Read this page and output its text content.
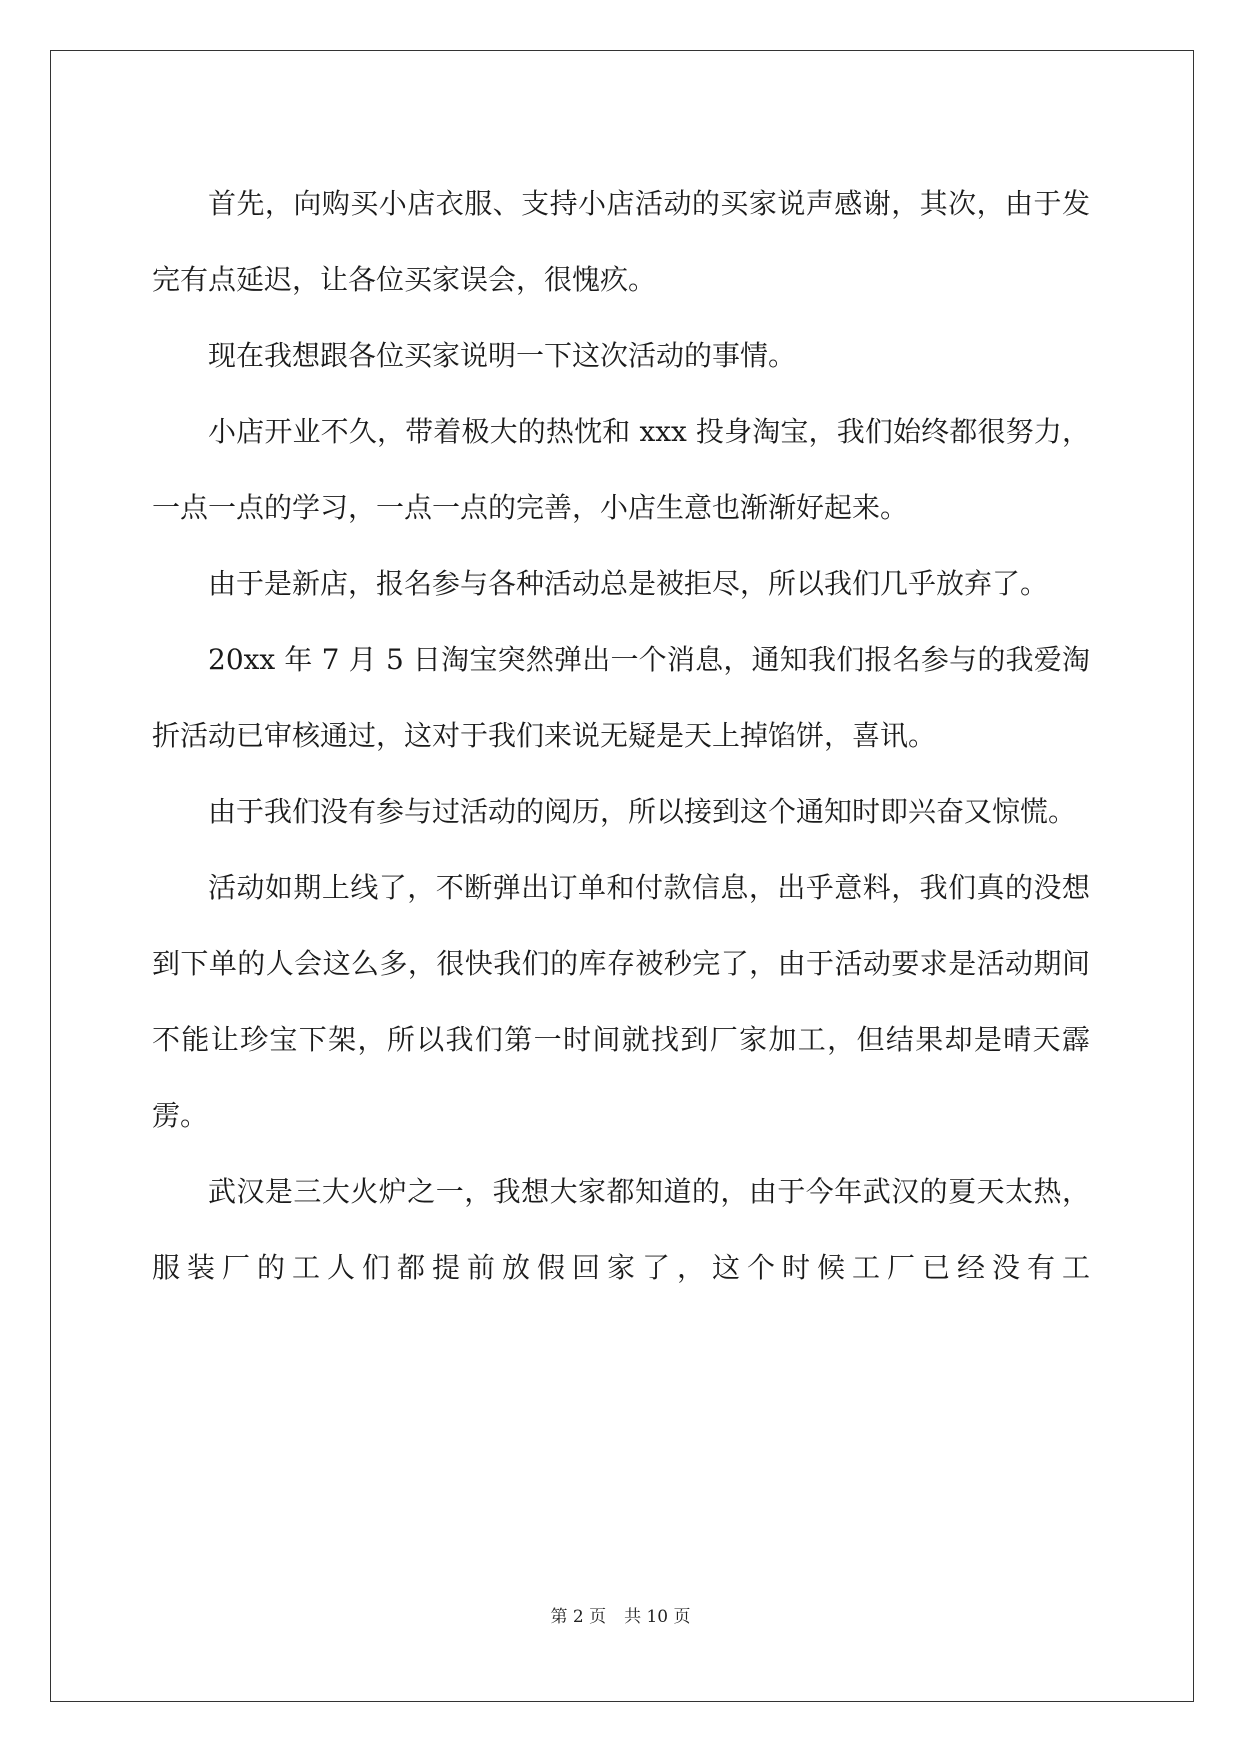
首先，向购买小店衣服、支持小店活动的买家说声感谢，其次，由于发完有点延迟，让各位买家误会，很愧疚。

现在我想跟各位买家说明一下这次活动的事情。

小店开业不久，带着极大的热忱和 xxx 投身淘宝，我们始终都很努力，一点一点的学习，一点一点的完善，小店生意也渐渐好起来。

由于是新店，报名参与各种活动总是被拒尽，所以我们几乎放弃了。

20xx 年 7 月 5 日淘宝突然弹出一个消息，通知我们报名参与的我爱淘折活动已审核通过，这对于我们来说无疑是天上掉馅饼，喜讯。

由于我们没有参与过活动的阅历，所以接到这个通知时即兴奋又惊慌。

活动如期上线了，不断弹出订单和付款信息，出乎意料，我们真的没想到下单的人会这么多，很快我们的库存被秒完了，由于活动要求是活动期间不能让珍宝下架，所以我们第一时间就找到厂家加工，但结果却是晴天霹雳。

武汉是三大火炉之一，我想大家都知道的，由于今年武汉的夏天太热，服装厂的工人们都提前放假回家了，这个时候工厂已经没有工

第 2 页 共 10 页
